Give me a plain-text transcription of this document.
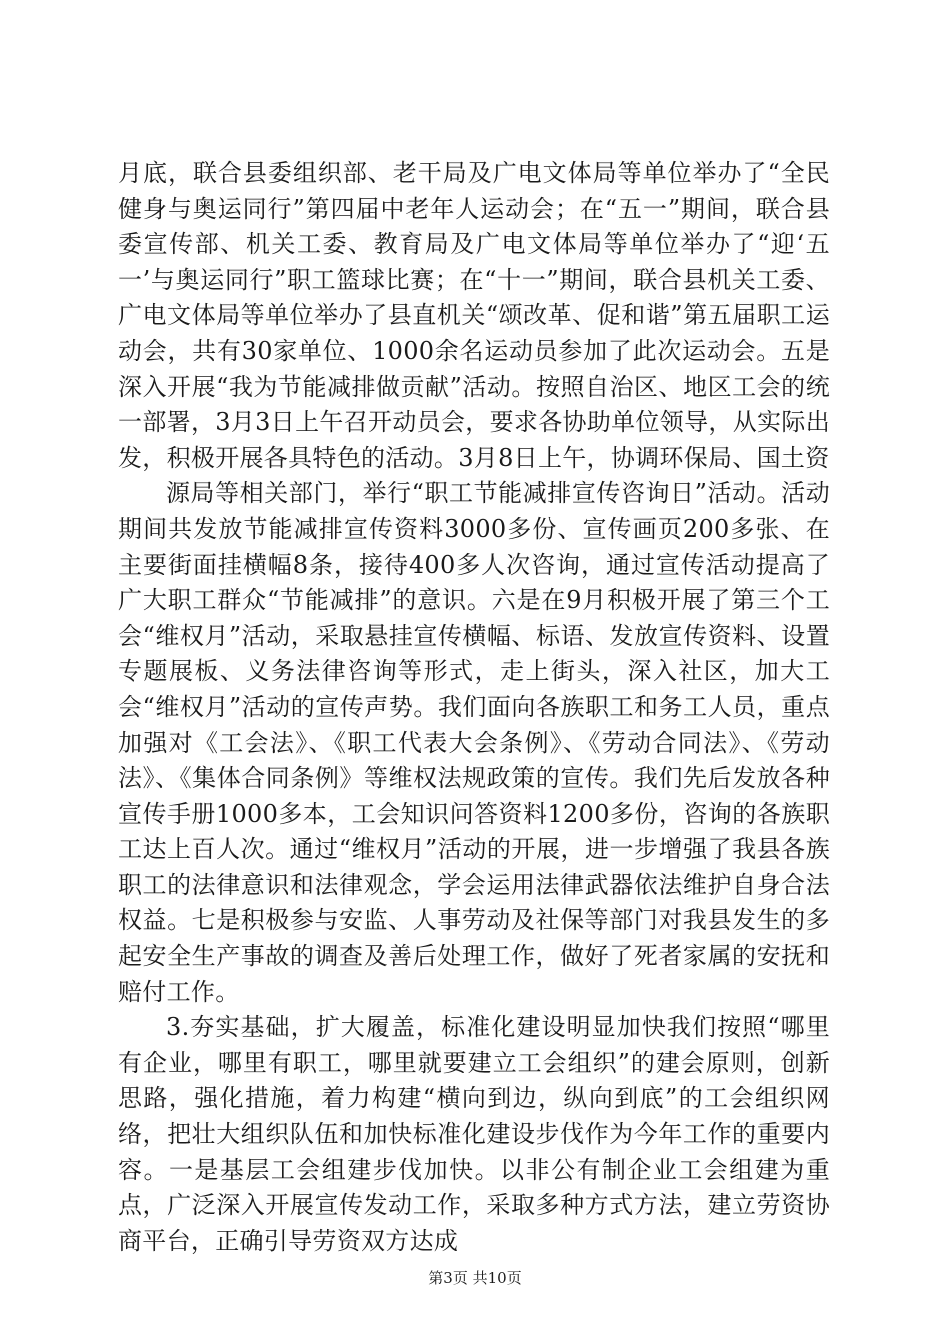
月底，联合县委组织部、老干局及广电文体局等单位举办了“全民健身与奥运同行”第四届中老年人运动会；在“五一”期间，联合县委宣传部、机关工委、教育局及广电文体局等单位举办了“迎‘五一’与奥运同行”职工篮球比赛；在“十一”期间，联合县机关工委、广电文体局等单位举办了县直机关“颂改革、促和谐”第五届职工运动会，共有30家单位、1000余名运动员参加了此次运动会。五是深入开展“我为节能减排做贡献”活动。按照自治区、地区工会的统一部署，3月3日上午召开动员会，要求各协助单位领导，从实际出发，积极开展各具特色的活动。3月8日上午，协调环保局、国土资

源局等相关部门，举行“职工节能减排宣传咨询日”活动。活动期间共发放节能减排宣传资料3000多份、宣传画页200多张、在主要街面挂横幅8条，接待400多人次咨询，通过宣传活动提高了广大职工群众“节能减排”的意识。六是在9月积极开展了第三个工会“维权月”活动，采取悬挂宣传横幅、标语、发放宣传资料、设置专题展板、义务法律咨询等形式，走上街头，深入社区，加大工会“维权月”活动的宣传声势。我们面向各族职工和务工人员，重点加强对《工会法》、《职工代表大会条例》、《劳动合同法》、《劳动法》、《集体合同条例》等维权法规政策的宣传。我们先后发放各种宣传手册1000多本，工会知识问答资料1200多份，咨询的各族职工达上百人次。通过“维权月”活动的开展，进一步增强了我县各族职工的法律意识和法律观念，学会运用法律武器依法维护自身合法权益。七是积极参与安监、人事劳动及社保等部门对我县发生的多起安全生产事故的调查及善后处理工作，做好了死者家属的安抚和赔付工作。

3.夯实基础，扩大履盖，标准化建设明显加快我们按照“哪里有企业，哪里有职工，哪里就要建立工会组织”的建会原则，创新思路，强化措施，着力构建“横向到边，纵向到底”的工会组织网络，把壮大组织队伍和加快标准化建设步伐作为今年工作的重要内容。一是基层工会组建步伐加快。以非公有制企业工会组建为重点，广泛深入开展宣传发动工作，采取多种方式方法，建立劳资协商平台，正确引导劳资双方达成

第3页 共10页
